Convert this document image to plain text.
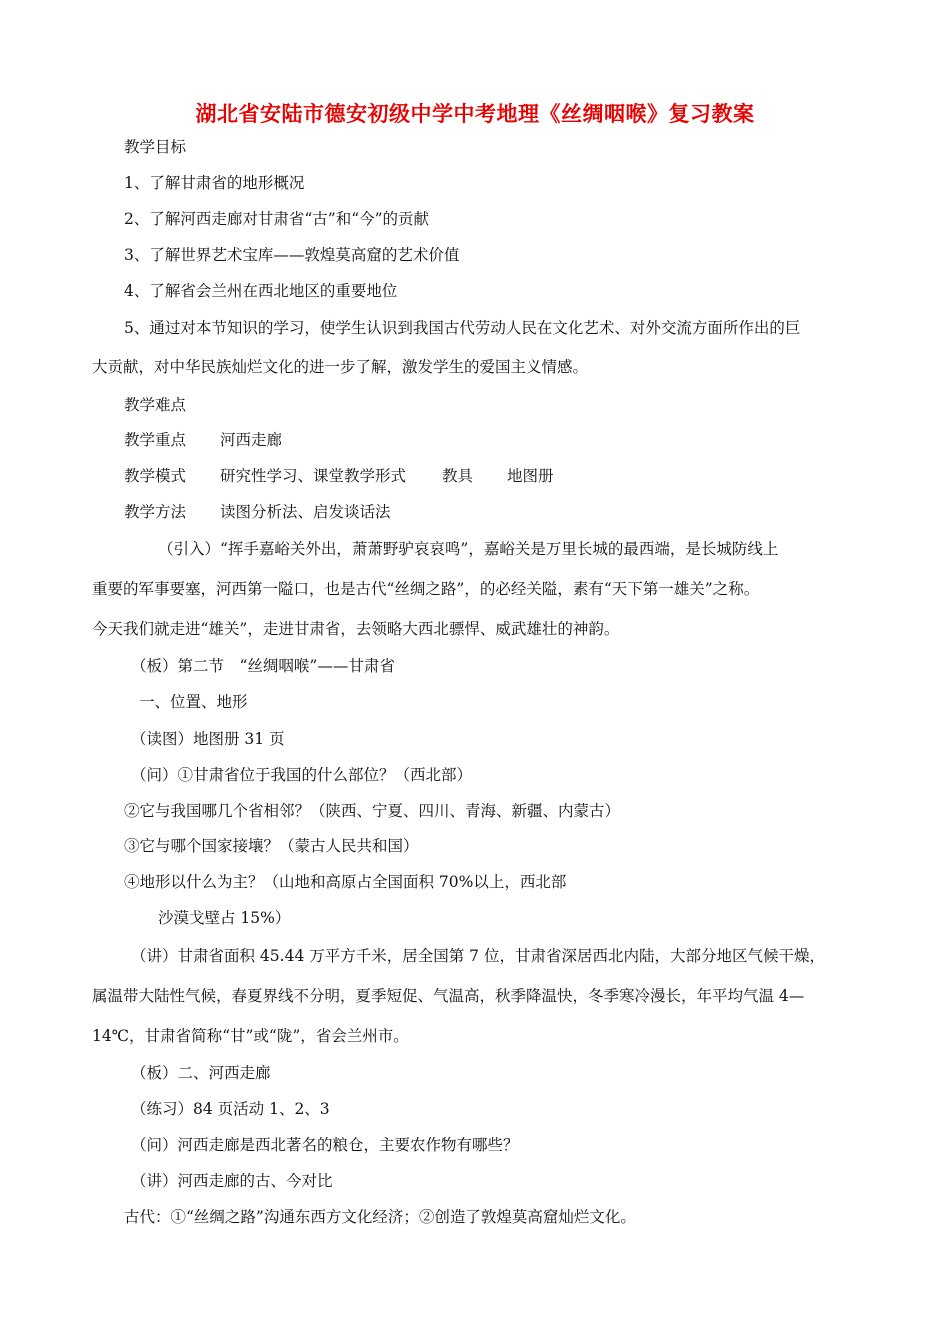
湖北省安陆市德安初级中学中考地理《丝绸咽喉》复习教案
教学目标
1、了解甘肃省的地形概况
2、了解河西走廊对甘肃省“古”和“今”的贡献
3、了解世界艺术宝库——敦煌莫高窟的艺术价值
4、了解省会兰州在西北地区的重要地位
5、通过对本节知识的学习，使学生认识到我国古代劳动人民在文化艺术、对外交流方面所作出的巨
大贡献，对中华民族灿烂文化的进一步了解，激发学生的爱国主义情感。
教学难点
教学重点 河西走廊
教学模式 研究性学习、课堂教学形式 教具 地图册
教学方法 读图分析法、启发谈话法
（引入）“挥手嘉峪关外出，萧萧野驴哀哀鸣”，嘉峪关是万里长城的最西端，是长城防线上
重要的军事要塞，河西第一隘口，也是古代“丝绸之路”，的必经关隘，素有“天下第一雄关”之称。
今天我们就走进“雄关”，走进甘肃省，去领略大西北骠悍、威武雄壮的神韵。
（板）第二节　“丝绸咽喉”——甘肃省
一、位置、地形
（读图）地图册 31 页
（问）①甘肃省位于我国的什么部位？（西北部）
②它与我国哪几个省相邻？（陕西、宁夏、四川、青海、新疆、内蒙古）
③它与哪个国家接壤？（蒙古人民共和国）
④地形以什么为主？（山地和高原占全国面积 70%以上，西北部
沙漠戈壁占 15%）
（讲）甘肃省面积 45.44 万平方千米，居全国第 7 位，甘肃省深居西北内陆，大部分地区气候干燥，
属温带大陆性气候，春夏界线不分明，夏季短促、气温高，秋季降温快，冬季寒冷漫长，年平均气温 4—
14℃，甘肃省简称“甘”或“陇”，省会兰州市。
（板）二、河西走廊
（练习）84 页活动 1、2、3
（问）河西走廊是西北著名的粮仓，主要农作物有哪些？
（讲）河西走廊的古、今对比
古代：①“丝绸之路”沟通东西方文化经济；②创造了敦煌莫高窟灿烂文化。
